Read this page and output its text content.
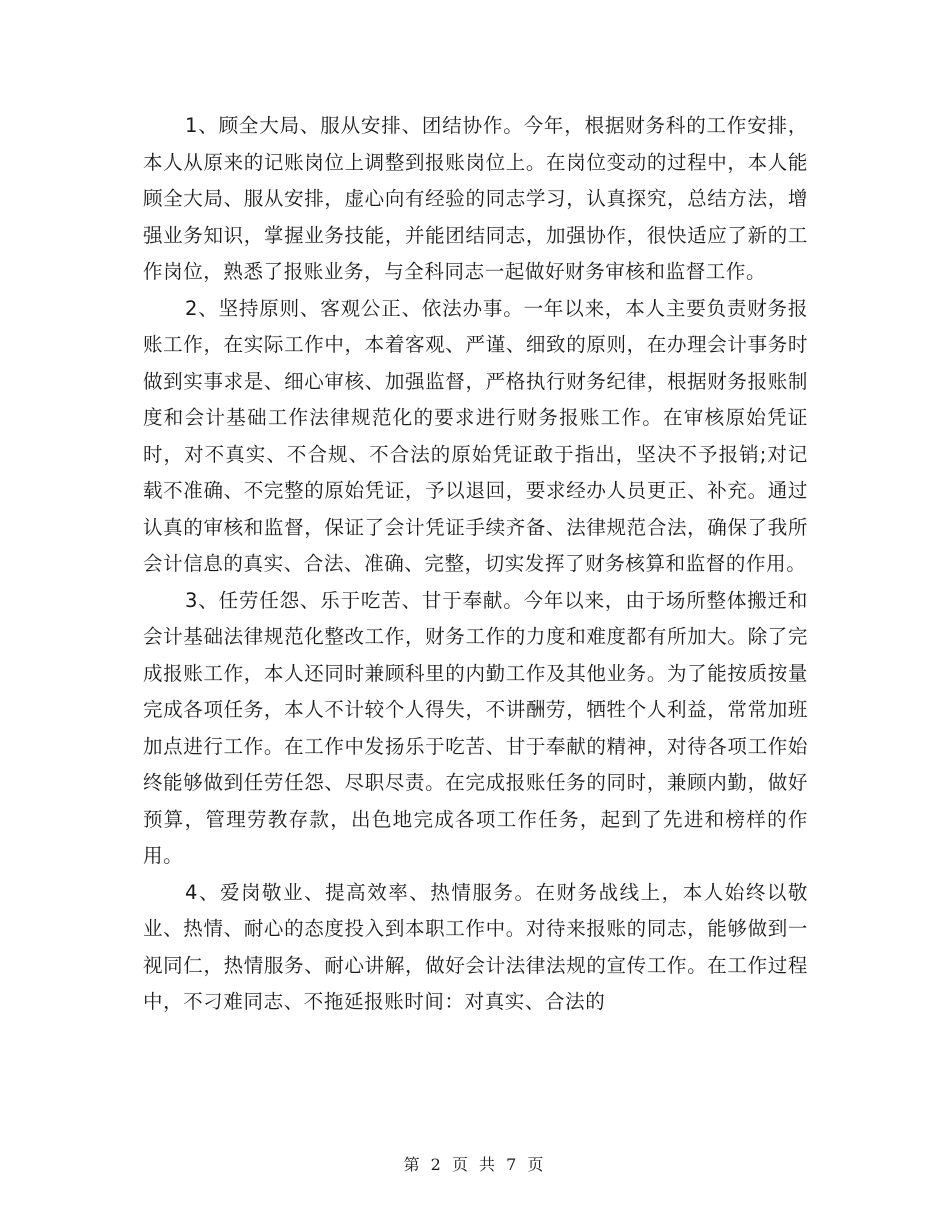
1、顾全大局、服从安排、团结协作。今年，根据财务科的工作安排，本人从原来的记账岗位上调整到报账岗位上。在岗位变动的过程中，本人能顾全大局、服从安排，虚心向有经验的同志学习，认真探究，总结方法，增强业务知识，掌握业务技能，并能团结同志，加强协作，很快适应了新的工作岗位，熟悉了报账业务，与全科同志一起做好财务审核和监督工作。

2、坚持原则、客观公正、依法办事。一年以来，本人主要负责财务报账工作，在实际工作中，本着客观、严谨、细致的原则，在办理会计事务时做到实事求是、细心审核、加强监督，严格执行财务纪律，根据财务报账制度和会计基础工作法律规范化的要求进行财务报账工作。在审核原始凭证时，对不真实、不合规、不合法的原始凭证敢于指出，坚决不予报销;对记载不准确、不完整的原始凭证，予以退回，要求经办人员更正、补充。通过认真的审核和监督，保证了会计凭证手续齐备、法律规范合法，确保了我所会计信息的真实、合法、准确、完整，切实发挥了财务核算和监督的作用。

3、任劳任怨、乐于吃苦、甘于奉献。今年以来，由于场所整体搬迁和会计基础法律规范化整改工作，财务工作的力度和难度都有所加大。除了完成报账工作，本人还同时兼顾科里的内勤工作及其他业务。为了能按质按量完成各项任务，本人不计较个人得失，不讲酬劳，牺牲个人利益，常常加班加点进行工作。在工作中发扬乐于吃苦、甘于奉献的精神，对待各项工作始终能够做到任劳任怨、尽职尽责。在完成报账任务的同时，兼顾内勤，做好预算，管理劳教存款，出色地完成各项工作任务，起到了先进和榜样的作用。

4、爱岗敬业、提高效率、热情服务。在财务战线上，本人始终以敬业、热情、耐心的态度投入到本职工作中。对待来报账的同志，能够做到一视同仁，热情服务、耐心讲解，做好会计法律法规的宣传工作。在工作过程中，不刁难同志、不拖延报账时间：对真实、合法的

第 2 页 共 7 页
